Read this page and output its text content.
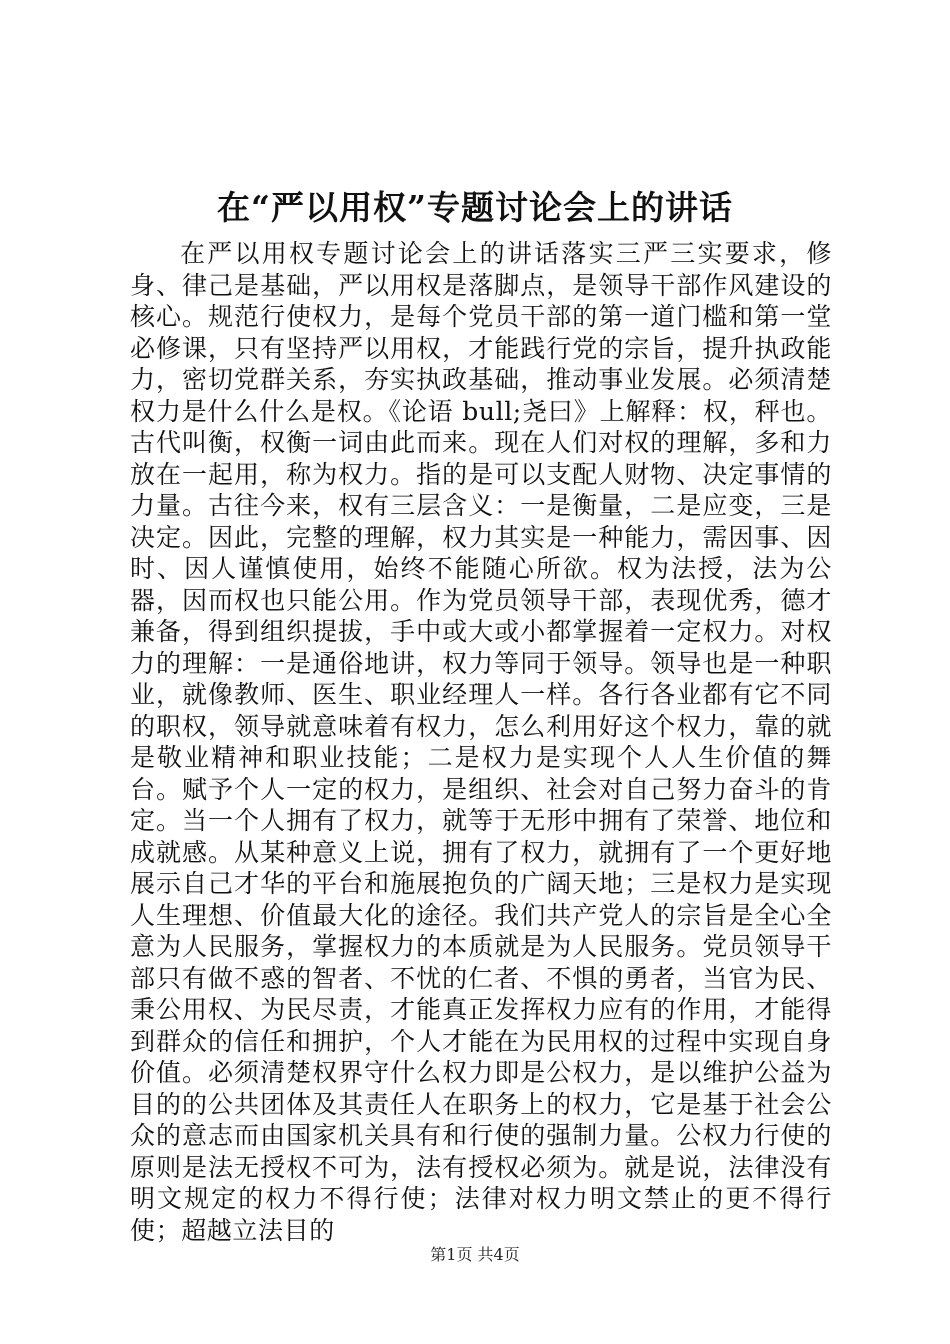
在“严以用权”专题讨论会上的讲话

在严以用权专题讨论会上的讲话落实三严三实要求，修身、律己是基础，严以用权是落脚点，是领导干部作风建设的核心。规范行使权力，是每个党员干部的第一道门槛和第一堂必修课，只有坚持严以用权，才能践行党的宗旨，提升执政能力，密切党群关系，夯实执政基础，推动事业发展。必须清楚权力是什么什么是权。《论语 bull;尧曰》上解释：权，秤也。古代叫衡，权衡一词由此而来。现在人们对权的理解，多和力放在一起用，称为权力。指的是可以支配人财物、决定事情的力量。古往今来，权有三层含义：一是衡量，二是应变，三是决定。因此，完整的理解，权力其实是一种能力，需因事、因时、因人谨慎使用，始终不能随心所欲。权为法授，法为公器，因而权也只能公用。作为党员领导干部，表现优秀，德才兼备，得到组织提拔，手中或大或小都掌握着一定权力。对权力的理解：一是通俗地讲，权力等同于领导。领导也是一种职业，就像教师、医生、职业经理人一样。各行各业都有它不同的职权，领导就意味着有权力，怎么利用好这个权力，靠的就是敬业精神和职业技能；二是权力是实现个人人生价值的舞台。赋予个人一定的权力，是组织、社会对自己努力奋斗的肯定。当一个人拥有了权力，就等于无形中拥有了荣誉、地位和成就感。从某种意义上说，拥有了权力，就拥有了一个更好地展示自己才华的平台和施展抱负的广阔天地；三是权力是实现人生理想、价值最大化的途径。我们共产党人的宗旨是全心全意为人民服务，掌握权力的本质就是为人民服务。党员领导干部只有做不惑的智者、不忧的仁者、不惧的勇者，当官为民、秉公用权、为民尽责，才能真正发挥权力应有的作用，才能得到群众的信任和拥护，个人才能在为民用权的过程中实现自身价值。必须清楚权界守什么权力即是公权力，是以维护公益为目的的公共团体及其责任人在职务上的权力，它是基于社会公众的意志而由国家机关具有和行使的强制力量。公权力行使的原则是法无授权不可为，法有授权必须为。就是说，法律没有明文规定的权力不得行使；法律对权力明文禁止的更不得行使；超越立法目的

第1页 共4页
